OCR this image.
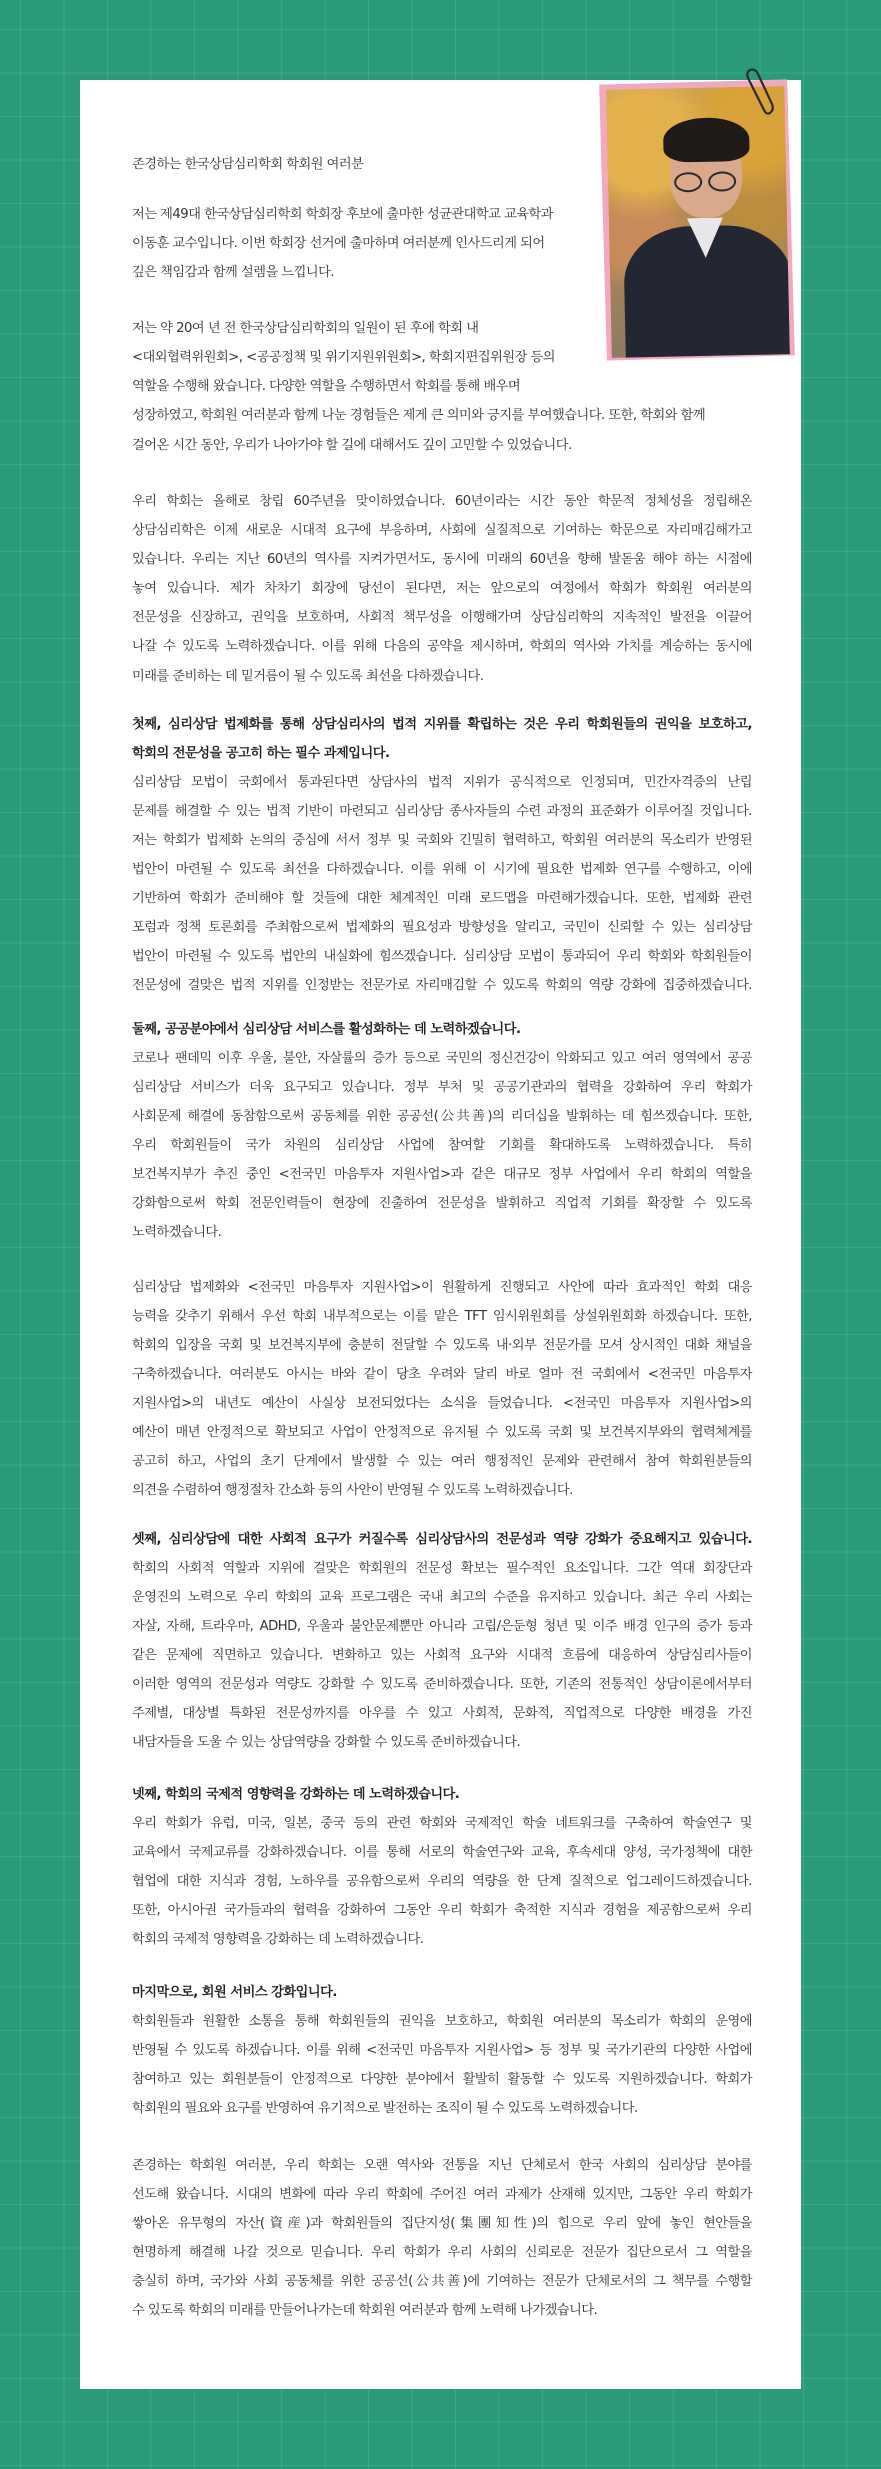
존경하는 한국상담심리학회 학회원 여러분
저는 제49대 한국상담심리학회 학회장 후보에 출마한 성균관대학교 교육학과
이동훈 교수입니다. 이번 학회장 선거에 출마하며 여러분께 인사드리게 되어
깊은 책임감과 함께 설렘을 느낍니다.
저는 약 20여 년 전 한국상담심리학회의 일원이 된 후에 학회 내
<대외협력위원회>, <공공정책 및 위기지원위원회>, 학회지편집위원장 등의
역할을 수행해 왔습니다. 다양한 역할을 수행하면서 학회를 통해 배우며
성장하였고, 학회원 여러분과 함께 나눈 경험들은 제게 큰 의미와 긍지를 부여했습니다. 또한, 학회와 함께
걸어온 시간 동안, 우리가 나아가야 할 길에 대해서도 깊이 고민할 수 있었습니다.
우리 학회는 올해로 창립 60주년을 맞이하였습니다. 60년이라는 시간 동안 학문적 정체성을 정립해온
상담심리학은 이제 새로운 시대적 요구에 부응하며, 사회에 실질적으로 기여하는 학문으로 자리매김해가고
있습니다. 우리는 지난 60년의 역사를 지켜가면서도, 동시에 미래의 60년을 향해 발돋움 해야 하는 시점에
놓여 있습니다. 제가 차차기 회장에 당선이 된다면, 저는 앞으로의 여정에서 학회가 학회원 여러분의
전문성을 신장하고, 권익을 보호하며, 사회적 책무성을 이행해가며 상담심리학의 지속적인 발전을 이끌어
나갈 수 있도록 노력하겠습니다. 이를 위해 다음의 공약을 제시하며, 학회의 역사와 가치를 계승하는 동시에
미래를 준비하는 데 밑거름이 될 수 있도록 최선을 다하겠습니다.
첫째, 심리상담 법제화를 통해 상담심리사의 법적 지위를 확립하는 것은 우리 학회원들의 권익을 보호하고,
학회의 전문성을 공고히 하는 필수 과제입니다.
심리상담 모법이 국회에서 통과된다면 상담사의 법적 지위가 공식적으로 인정되며, 민간자격증의 난립
문제를 해결할 수 있는 법적 기반이 마련되고 심리상담 종사자들의 수련 과정의 표준화가 이루어질 것입니다.
저는 학회가 법제화 논의의 중심에 서서 정부 및 국회와 긴밀히 협력하고, 학회원 여러분의 목소리가 반영된
법안이 마련될 수 있도록 최선을 다하겠습니다. 이를 위해 이 시기에 필요한 법제화 연구를 수행하고, 이에
기반하여 학회가 준비해야 할 것들에 대한 체계적인 미래 로드맵을 마련해가겠습니다. 또한, 법제화 관련
포럼과 정책 토론회를 주최함으로써 법제화의 필요성과 방향성을 알리고, 국민이 신뢰할 수 있는 심리상담
법안이 마련될 수 있도록 법안의 내실화에 힘쓰겠습니다. 심리상담 모법이 통과되어 우리 학회와 학회원들이
전문성에 걸맞은 법적 지위를 인정받는 전문가로 자리매김할 수 있도록 학회의 역량 강화에 집중하겠습니다.
둘째, 공공분야에서 심리상담 서비스를 활성화하는 데 노력하겠습니다.
코로나 팬데믹 이후 우울, 불안, 자살률의 증가 등으로 국민의 정신건강이 악화되고 있고 여러 영역에서 공공
심리상담 서비스가 더욱 요구되고 있습니다. 정부 부처 및 공공기관과의 협력을 강화하여 우리 학회가
사회문제 해결에 동참함으로써 공동체를 위한 공공선(公共善)의 리더십을 발휘하는 데 힘쓰겠습니다. 또한,
우리 학회원들이 국가 차원의 심리상담 사업에 참여할 기회를 확대하도록 노력하겠습니다. 특히
보건복지부가 추진 중인 <전국민 마음투자 지원사업>과 같은 대규모 정부 사업에서 우리 학회의 역할을
강화함으로써 학회 전문인력들이 현장에 진출하여 전문성을 발휘하고 직업적 기회를 확장할 수 있도록
노력하겠습니다.
심리상담 법제화와 <전국민 마음투자 지원사업>이 원활하게 진행되고 사안에 따라 효과적인 학회 대응
능력을 갖추기 위해서 우선 학회 내부적으로는 이를 맡은 TFT 임시위원회를 상설위원회화 하겠습니다. 또한,
학회의 입장을 국회 및 보건복지부에 충분히 전달할 수 있도록 내·외부 전문가를 모셔 상시적인 대화 채널을
구축하겠습니다. 여러분도 아시는 바와 같이 당초 우려와 달리 바로 얼마 전 국회에서 <전국민 마음투자
지원사업>의 내년도 예산이 사실상 보전되었다는 소식을 들었습니다. <전국민 마음투자 지원사업>의
예산이 매년 안정적으로 확보되고 사업이 안정적으로 유지될 수 있도록 국회 및 보건복지부와의 협력체계를
공고히 하고, 사업의 초기 단계에서 발생할 수 있는 여러 행정적인 문제와 관련해서 참여 학회원분들의
의견을 수렴하여 행정절차 간소화 등의 사안이 반영될 수 있도록 노력하겠습니다.
셋째, 심리상담에 대한 사회적 요구가 커질수록 심리상담사의 전문성과 역량 강화가 중요해지고 있습니다.
학회의 사회적 역할과 지위에 걸맞은 학회원의 전문성 확보는 필수적인 요소입니다. 그간 역대 회장단과
운영진의 노력으로 우리 학회의 교육 프로그램은 국내 최고의 수준을 유지하고 있습니다. 최근 우리 사회는
자살, 자해, 트라우마, ADHD, 우울과 불안문제뿐만 아니라 고립/은둔형 청년 및 이주 배경 인구의 증가 등과
같은 문제에 직면하고 있습니다. 변화하고 있는 사회적 요구와 시대적 흐름에 대응하여 상담심리사들이
이러한 영역의 전문성과 역량도 강화할 수 있도록 준비하겠습니다. 또한, 기존의 전통적인 상담이론에서부터
주제별, 대상별 특화된 전문성까지를 아우를 수 있고 사회적, 문화적, 직업적으로 다양한 배경을 가진
내담자들을 도울 수 있는 상담역량을 강화할 수 있도록 준비하겠습니다.
넷째, 학회의 국제적 영향력을 강화하는 데 노력하겠습니다.
우리 학회가 유럽, 미국, 일본, 중국 등의 관련 학회와 국제적인 학술 네트워크를 구축하여 학술연구 및
교육에서 국제교류를 강화하겠습니다. 이를 통해 서로의 학술연구와 교육, 후속세대 양성, 국가정책에 대한
협업에 대한 지식과 경험, 노하우를 공유함으로써 우리의 역량을 한 단계 질적으로 업그레이드하겠습니다.
또한, 아시아권 국가들과의 협력을 강화하여 그동안 우리 학회가 축적한 지식과 경험을 제공함으로써 우리
학회의 국제적 영향력을 강화하는 데 노력하겠습니다.
마지막으로, 회원 서비스 강화입니다.
학회원들과 원활한 소통을 통해 학회원들의 권익을 보호하고, 학회원 여러분의 목소리가 학회의 운영에
반영될 수 있도록 하겠습니다. 이를 위해 <전국민 마음투자 지원사업> 등 정부 및 국가기관의 다양한 사업에
참여하고 있는 회원분들이 안정적으로 다양한 분야에서 활발히 활동할 수 있도록 지원하겠습니다. 학회가
학회원의 필요와 요구를 반영하여 유기적으로 발전하는 조직이 될 수 있도록 노력하겠습니다.
존경하는 학회원 여러분, 우리 학회는 오랜 역사와 전통을 지닌 단체로서 한국 사회의 심리상담 분야를
선도해 왔습니다. 시대의 변화에 따라 우리 학회에 주어진 여러 과제가 산재해 있지만, 그동안 우리 학회가
쌓아온 유무형의 자산(資産)과 학회원들의 집단지성(集團知性)의 힘으로 우리 앞에 놓인 현안들을
현명하게 해결해 나갈 것으로 믿습니다. 우리 학회가 우리 사회의 신뢰로운 전문가 집단으로서 그 역할을
충실히 하며, 국가와 사회 공동체를 위한 공공선(公共善)에 기여하는 전문가 단체로서의 그 책무를 수행할
수 있도록 학회의 미래를 만들어나가는데 학회원 여러분과 함께 노력해 나가겠습니다.
